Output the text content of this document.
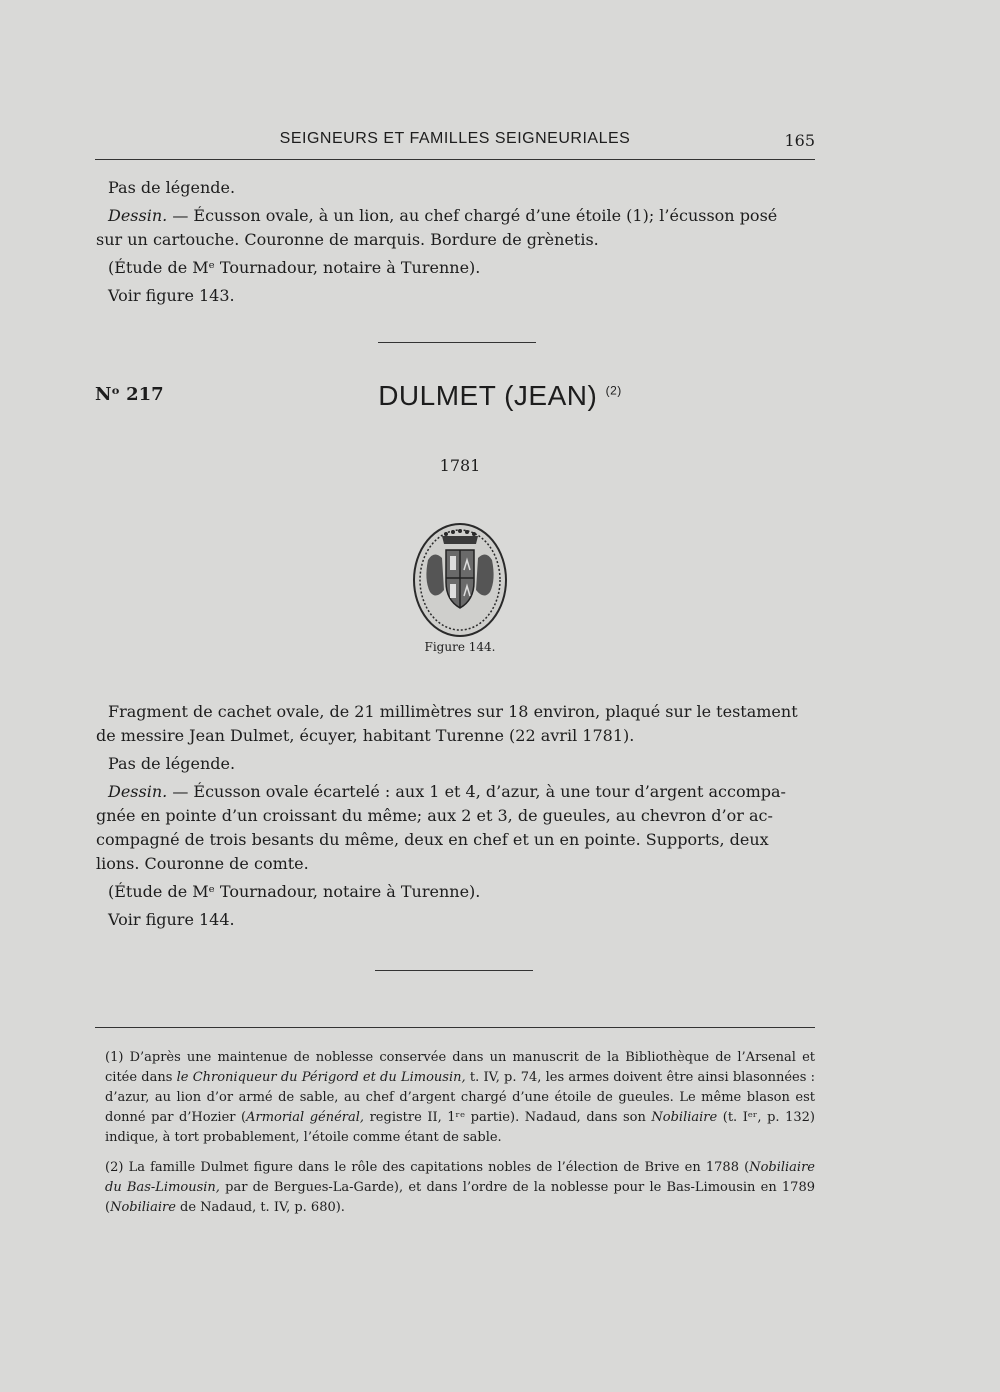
SEIGNEURS ET FAMILLES SEIGNEURIALES	165

Pas de légende.

Dessin. — Écusson ovale, à un lion, au chef chargé d’une étoile (1); l’écusson posé

sur un cartouche. Couronne de marquis. Bordure de grènetis.

(Étude de Mᵉ Tournadour, notaire à Turenne).

Voir figure 143.

Nᵒ 217	DULMET (JEAN) $^{(2)}$
1781
Figure 144.

Fragment de cachet ovale, de 21 millimètres sur 18 environ, plaqué sur le testament

de messire Jean Dulmet, écuyer, habitant Turenne (22 avril 1781).

Pas de légende.

Dessin. — Écusson ovale écartelé : aux 1 et 4, d’azur, à une tour d’argent accompa-

gnée en pointe d’un croissant du même; aux 2 et 3, de gueules, au chevron d’or ac-

compagné de trois besants du même, deux en chef et un en pointe. Supports, deux

lions. Couronne de comte.

(Étude de Mᵉ Tournadour, notaire à Turenne).

Voir figure 144.

(1) D’après une maintenue de noblesse conservée dans un manuscrit de la Bibliothèque de l’Arsenal et citée dans le Chroniqueur du Périgord et du Limousin, t. IV, p. 74, les armes doivent être ainsi blasonnées : d’azur, au lion d’or armé de sable, au chef d’argent chargé d’une étoile de gueules. Le même blason est donné par d’Hozier (Armorial général, registre II, 1ʳᵉ partie). Nadaud, dans son Nobiliaire (t. Iᵉʳ, p. 132) indique, à tort probablement, l’étoile comme étant de sable.

(2) La famille Dulmet figure dans le rôle des capitations nobles de l’élection de Brive en 1788 (Nobiliaire du Bas-Limousin, par de Bergues-La-Garde), et dans l’ordre de la noblesse pour le Bas-Limousin en 1789 (Nobiliaire de Nadaud, t. IV, p. 680).
